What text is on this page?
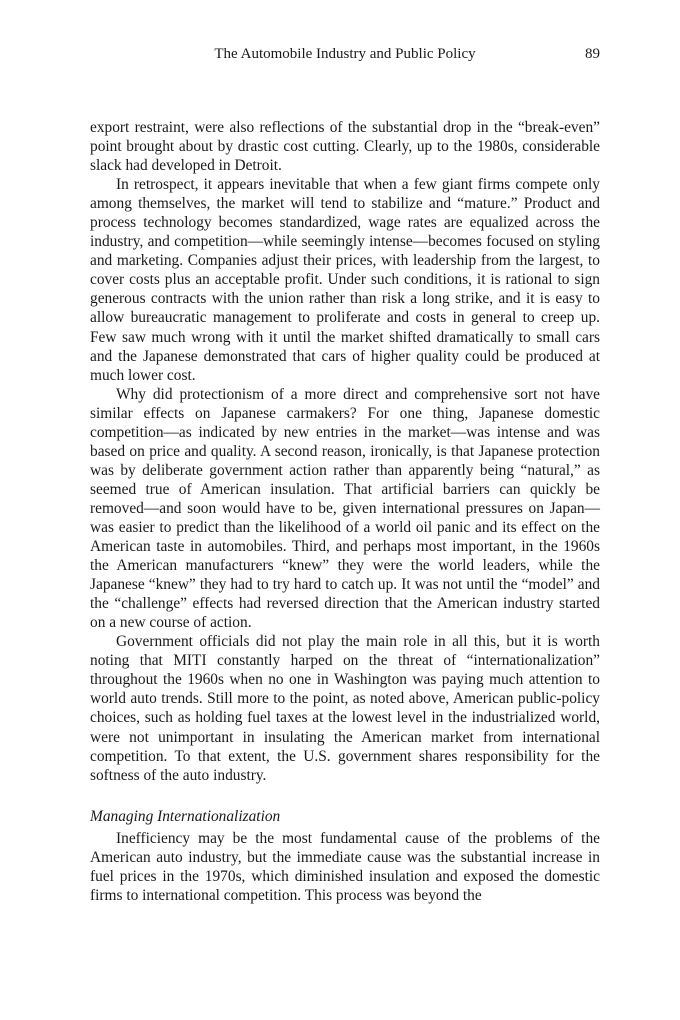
The Automobile Industry and Public Policy	89

export restraint, were also reflections of the substantial drop in the “break-even” point brought about by drastic cost cutting. Clearly, up to the 1980s, considerable slack had developed in Detroit.

In retrospect, it appears inevitable that when a few giant firms compete only among themselves, the market will tend to stabilize and “mature.” Product and process technology becomes standardized, wage rates are equalized across the industry, and competition—while seemingly intense—becomes focused on styling and marketing. Companies adjust their prices, with leadership from the largest, to cover costs plus an acceptable profit. Under such conditions, it is rational to sign generous contracts with the union rather than risk a long strike, and it is easy to allow bureaucratic management to proliferate and costs in general to creep up. Few saw much wrong with it until the market shifted dramatically to small cars and the Japanese demonstrated that cars of higher quality could be produced at much lower cost.

Why did protectionism of a more direct and comprehensive sort not have similar effects on Japanese carmakers? For one thing, Japanese domestic competition—as indicated by new entries in the market—was intense and was based on price and quality. A second reason, ironically, is that Japanese protection was by deliberate government action rather than apparently being “natural,” as seemed true of American insulation. That artificial barriers can quickly be removed—and soon would have to be, given international pressures on Japan—was easier to predict than the likelihood of a world oil panic and its effect on the American taste in automobiles. Third, and perhaps most important, in the 1960s the American manufacturers “knew” they were the world leaders, while the Japanese “knew” they had to try hard to catch up. It was not until the “model” and the “challenge” effects had reversed direction that the American industry started on a new course of action.

Government officials did not play the main role in all this, but it is worth noting that MITI constantly harped on the threat of “internationalization” throughout the 1960s when no one in Washington was paying much attention to world auto trends. Still more to the point, as noted above, American public-policy choices, such as holding fuel taxes at the lowest level in the industrialized world, were not unimportant in insulating the American market from international competition. To that extent, the U.S. government shares responsibility for the softness of the auto industry.

Managing Internationalization

Inefficiency may be the most fundamental cause of the problems of the American auto industry, but the immediate cause was the substantial increase in fuel prices in the 1970s, which diminished insulation and exposed the domestic firms to international competition. This process was beyond the
